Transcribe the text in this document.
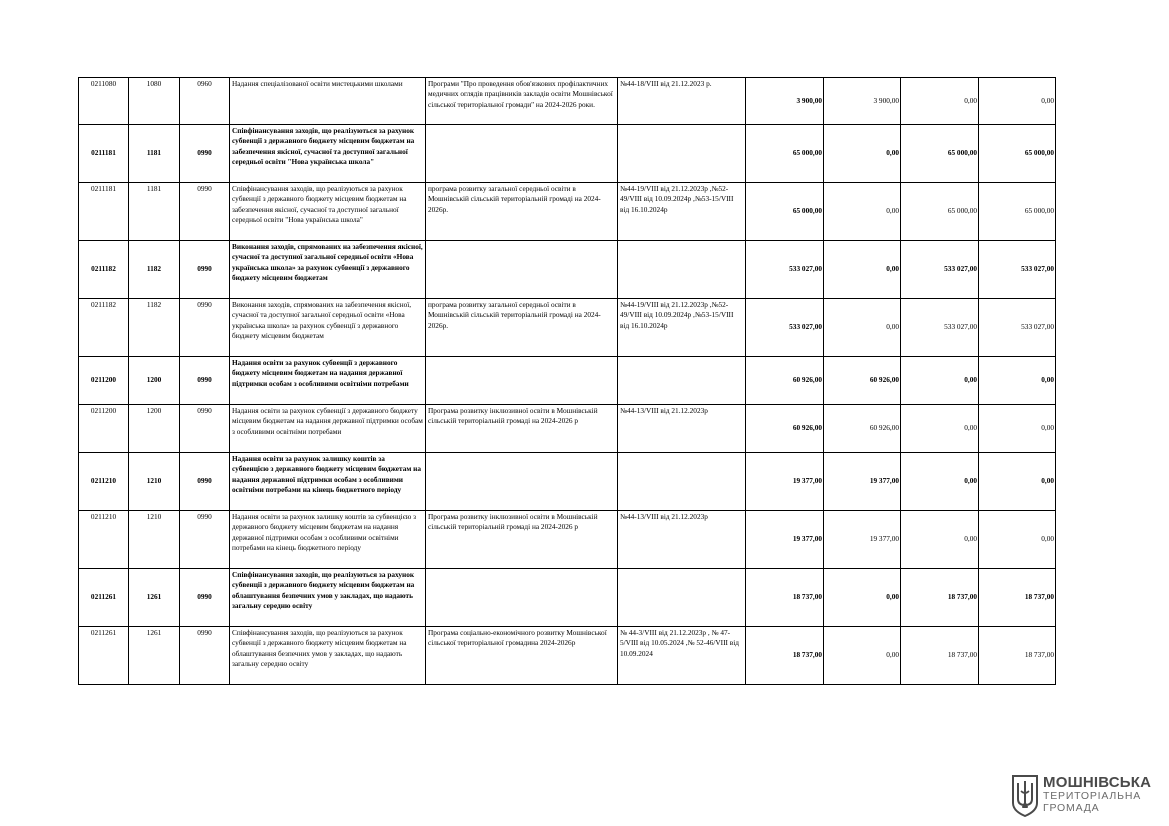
0211080	1080	0960	Надання спеціалізованої освіти мистецькими школами	Програми "Про проведення обов'язкових профілактичних медичних оглядів працівників закладів освіти Мошнівської сільської територіальної громади" на 2024-2026 роки.	№44-18/VIII від 21.12.2023 р.	3 900,00	3 900,00	0,00	0,00
0211181	1181	0990	Співфінансування заходів, що реалізуються за рахунок субвенції з державного бюджету місцевим бюджетам на забезпечення якісної, сучасної та доступної загальної середньої освіти "Нова українська школа"			65 000,00	0,00	65 000,00	65 000,00
0211181	1181	0990	Співфінансування заходів, що реалізуються за рахунок субвенції з державного бюджету місцевим бюджетам на забезпечення якісної, сучасної та доступної загальної середньої освіти "Нова українська школа"	програма розвитку загальної середньої освіти в Мошнівській сільській територіальній громаді на 2024-2026р.	№44-19/VIII від 21.12.2023р ,№52-49/VIII від 10.09.2024р ,№53-15/VIII від 16.10.2024р	65 000,00	0,00	65 000,00	65 000,00
0211182	1182	0990	Виконання заходів, спрямованих на забезпечення якісної, сучасної та доступної загальної середньої освіти «Нова українська школа» за рахунок субвенції з державного бюджету місцевим бюджетам			533 027,00	0,00	533 027,00	533 027,00
0211182	1182	0990	Виконання заходів, спрямованих на забезпечення якісної, сучасної та доступної загальної середньої освіти «Нова українська школа» за рахунок субвенції з державного бюджету місцевим бюджетам	програма розвитку загальної середньої освіти в Мошнівській сільській територіальній громаді на 2024-2026р.	№44-19/VIII від 21.12.2023р ,№52-49/VIII від 10.09.2024р ,№53-15/VIII від 16.10.2024р	533 027,00	0,00	533 027,00	533 027,00
0211200	1200	0990	Надання освіти за рахунок субвенції з державного бюджету місцевим бюджетам на надання державної підтримки особам з особливими освітніми потребами			60 926,00	60 926,00	0,00	0,00
0211200	1200	0990	Надання освіти за рахунок субвенції з державного бюджету місцевим бюджетам на надання державної підтримки особам з особливими освітніми потребами	Програма розвитку інклюзивної освіти в Мошнівській сільській територіальній громаді на 2024-2026 р	№44-13/VIII від 21.12.2023р	60 926,00	60 926,00	0,00	0,00
0211210	1210	0990	Надання освіти за рахунок залишку коштів за субвенцією з державного бюджету місцевим бюджетам на надання державної підтримки особам з особливими освітніми потребами на кінець бюджетного періоду			19 377,00	19 377,00	0,00	0,00
0211210	1210	0990	Надання освіти за рахунок залишку коштів за субвенцією з державного бюджету місцевим бюджетам на надання державної підтримки особам з особливими освітніми потребами на кінець бюджетного періоду	Програма розвитку інклюзивної освіти в Мошнівській сільській територіальній громаді на 2024-2026 р	№44-13/VIII від 21.12.2023р	19 377,00	19 377,00	0,00	0,00
0211261	1261	0990	Співфінансування заходів, що реалізуються за рахунок субвенції з державного бюджету місцевим бюджетам на облаштування безпечних умов у закладах, що надають загальну середню освіту			18 737,00	0,00	18 737,00	18 737,00
0211261	1261	0990	Співфінансування заходів, що реалізуються за рахунок субвенції з державного бюджету місцевим бюджетам на облаштування безпечних умов у закладах, що надають загальну середню освіту	Програма соціально-економічного розвитку Мошнівської сільської територіальної громадина 2024-2026р	№ 44-3/VIII від 21.12.2023р , № 47-5/VIII від 10.05.2024 ,№ 52-46/VIII від 10.09.2024	18 737,00	0,00	18 737,00	18 737,00
МОШНІВСЬКА
ТЕРИТОРІАЛЬНА
ГРОМАДА
